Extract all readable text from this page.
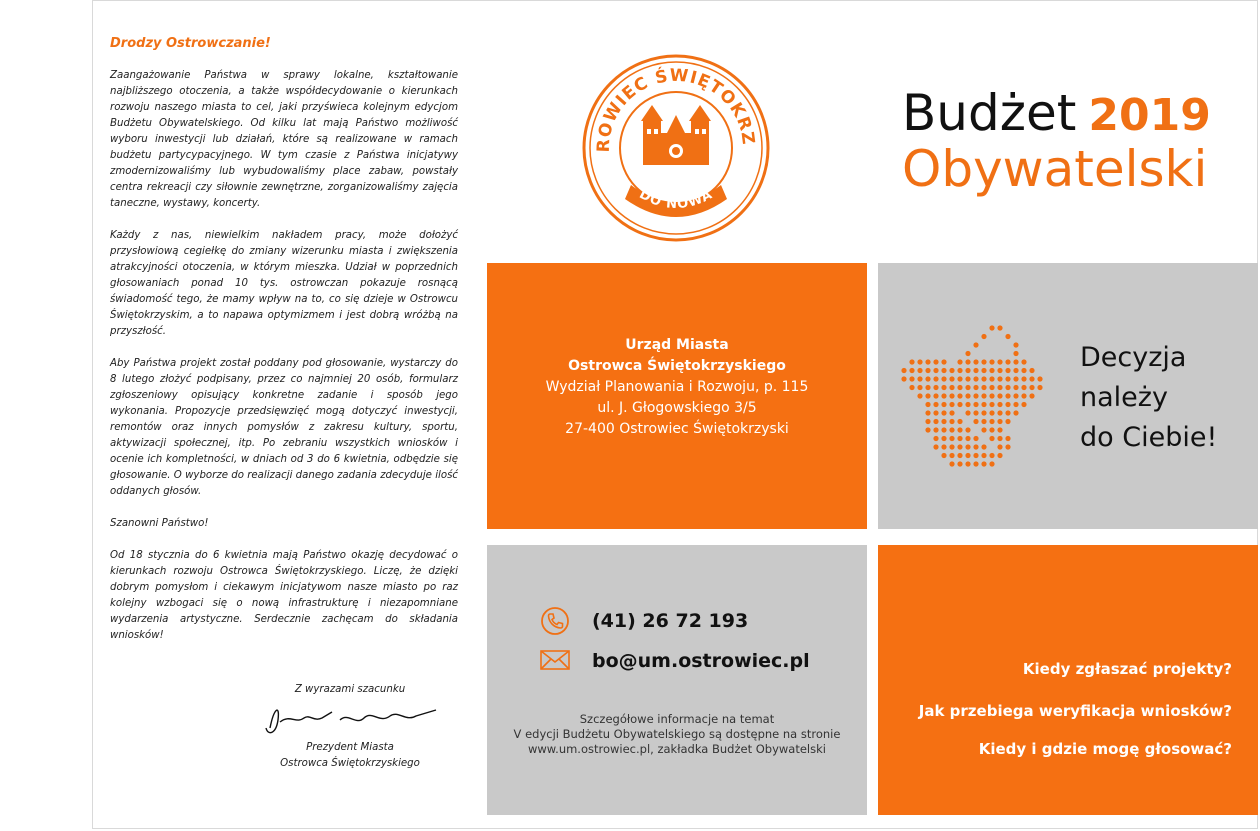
Drodzy Ostrowczanie!

Zaangażowanie Państwa w sprawy lokalne, kształtowanie najbliższego otoczenia, a także współdecydowanie o kierunkach rozwoju naszego miasta to cel, jaki przyświeca kolejnym edycjom Budżetu Obywatelskiego. Od kilku lat mają Państwo możliwość wyboru inwestycji lub działań, które są realizowane w ramach budżetu partycypacyjnego. W tym czasie z Państwa inicjatywy zmodernizowaliśmy lub wybudowaliśmy place zabaw, powstały centra rekreacji czy siłownie zewnętrzne, zorganizowaliśmy zajęcia taneczne, wystawy, koncerty.

Każdy z nas, niewielkim nakładem pracy, może dołożyć przysłowiową cegiełkę do zmiany wizerunku miasta i zwiększenia atrakcyjności otoczenia, w którym mieszka. Udział w poprzednich głosowaniach ponad 10 tys. ostrowczan pokazuje rosnącą świadomość tego, że mamy wpływ na to, co się dzieje w Ostrowcu Świętokrzyskim, a to napawa optymizmem i jest dobrą wróżbą na przyszłość.

Aby Państwa projekt został poddany pod głosowanie, wystarczy do 8 lutego złożyć podpisany, przez co najmniej 20 osób, formularz zgłoszeniowy opisujący konkretne zadanie i sposób jego wykonania. Propozycje przedsięwzięć mogą dotyczyć inwestycji, remontów oraz innych pomysłów z zakresu kultury, sportu, aktywizacji społecznej, itp. Po zebraniu wszystkich wniosków i ocenie ich kompletności, w dniach od 3 do 6 kwietnia, odbędzie się głosowanie. O wyborze do realizacji danego zadania zdecyduje ilość oddanych głosów.

Szanowni Państwo!

Od 18 stycznia do 6 kwietnia mają Państwo okazję decydować o kierunkach rozwoju Ostrowca Świętokrzyskiego. Liczę, że dzięki dobrym pomysłom i ciekawym inicjatywom nasze miasto po raz kolejny wzbogaci się o nową infrastrukturę i niezapomniane wydarzenia artystyczne. Serdecznie zachęcam do składania wniosków!

Z wyrazami szacunku
Prezydent Miasta
Ostrowca Świętokrzyskiego
ROWIEC ŚWIĘTOKRZ
DO NOWA
Budżet 2019
Obywatelski
Urząd Miasta
Ostrowca Świętokrzyskiego
Wydział Planowania i Rozwoju, p. 115
ul. J. Głogowskiego 3/5
27-400 Ostrowiec Świętokrzyski
Decyzja
należy
do Ciebie!
(41) 26 72 193
bo@um.ostrowiec.pl
Szczegółowe informacje na temat
V edycji Budżetu Obywatelskiego są dostępne na stronie
www.um.ostrowiec.pl, zakładka Budżet Obywatelski
Kiedy zgłaszać projekty?
Jak przebiega weryfikacja wniosków?
Kiedy i gdzie mogę głosować?
